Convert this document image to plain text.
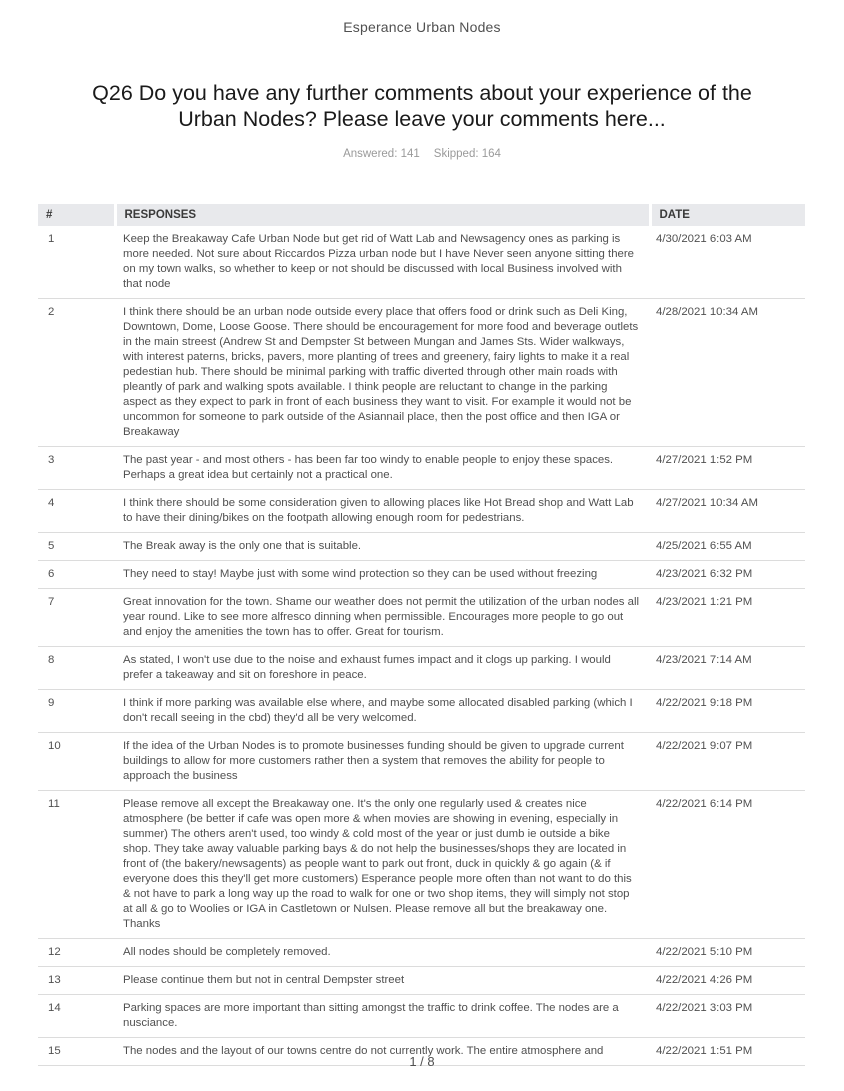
Esperance Urban Nodes
Q26 Do you have any further comments about your experience of the Urban Nodes? Please leave your comments here...
Answered: 141 Skipped: 164
#	RESPONSES	DATE
1	Keep the Breakaway Cafe Urban Node but get rid of Watt Lab and Newsagency ones as parking is more needed. Not sure about Riccardos Pizza urban node but I have Never seen anyone sitting there on my town walks, so whether to keep or not should be discussed with local Business involved with that node	4/30/2021 6:03 AM
2	I think there should be an urban node outside every place that offers food or drink such as Deli King, Downtown, Dome, Loose Goose. There should be encouragement for more food and beverage outlets in the main streest (Andrew St and Dempster St between Mungan and James Sts. Wider walkways, with interest paterns, bricks, pavers, more planting of trees and greenery, fairy lights to make it a real pedestian hub. There should be minimal parking with traffic diverted through other main roads with pleantly of park and walking spots available. I think people are reluctant to change in the parking aspect as they expect to park in front of each business they want to visit. For example it would not be uncommon for someone to park outside of the Asiannail place, then the post office and then IGA or Breakaway	4/28/2021 10:34 AM
3	The past year - and most others - has been far too windy to enable people to enjoy these spaces. Perhaps a great idea but certainly not a practical one.	4/27/2021 1:52 PM
4	I think there should be some consideration given to allowing places like Hot Bread shop and Watt Lab to have their dining/bikes on the footpath allowing enough room for pedestrians.	4/27/2021 10:34 AM
5	The Break away is the only one that is suitable.	4/25/2021 6:55 AM
6	They need to stay! Maybe just with some wind protection so they can be used without freezing	4/23/2021 6:32 PM
7	Great innovation for the town. Shame our weather does not permit the utilization of the urban nodes all year round. Like to see more alfresco dinning when permissible. Encourages more people to go out and enjoy the amenities the town has to offer. Great for tourism.	4/23/2021 1:21 PM
8	As stated, I won't use due to the noise and exhaust fumes impact and it clogs up parking. I would prefer a takeaway and sit on foreshore in peace.	4/23/2021 7:14 AM
9	I think if more parking was available else where, and maybe some allocated disabled parking (which I don't recall seeing in the cbd) they'd all be very welcomed.	4/22/2021 9:18 PM
10	If the idea of the Urban Nodes is to promote businesses funding should be given to upgrade current buildings to allow for more customers rather then a system that removes the ability for people to approach the business	4/22/2021 9:07 PM
11	Please remove all except the Breakaway one. It's the only one regularly used & creates nice atmosphere (be better if cafe was open more & when movies are showing in evening, especially in summer) The others aren't used, too windy & cold most of the year or just dumb ie outside a bike shop. They take away valuable parking bays & do not help the businesses/shops they are located in front of (the bakery/newsagents) as people want to park out front, duck in quickly & go again (& if everyone does this they'll get more customers) Esperance people more often than not want to do this & not have to park a long way up the road to walk for one or two shop items, they will simply not stop at all & go to Woolies or IGA in Castletown or Nulsen. Please remove all but the breakaway one. Thanks	4/22/2021 6:14 PM
12	All nodes should be completely removed.	4/22/2021 5:10 PM
13	Please continue them but not in central Dempster street	4/22/2021 4:26 PM
14	Parking spaces are more important than sitting amongst the traffic to drink coffee. The nodes are a nusciance.	4/22/2021 3:03 PM
15	The nodes and the layout of our towns centre do not currently work. The entire atmosphere and	4/22/2021 1:51 PM
1 / 8
